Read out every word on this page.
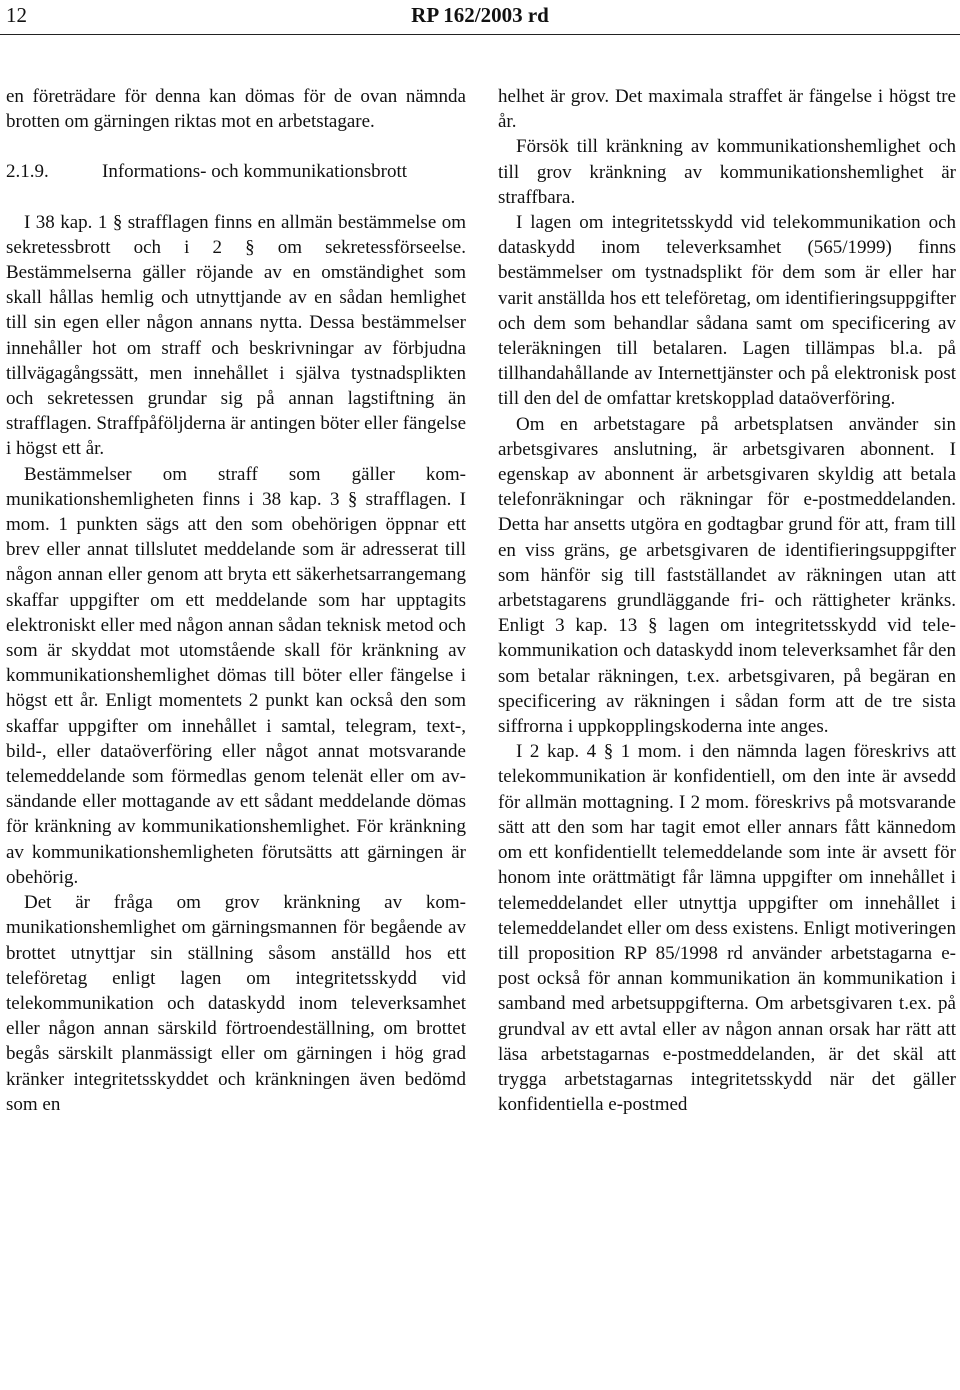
12	RP 162/2003 rd

en företrädare för denna kan dömas för de ovan nämnda brotten om gärningen riktas mot en arbetstagare.

2.1.9.	Informations- och kommunikationsbrott

I 38 kap. 1 § strafflagen finns en allmän bestämmelse om sekretessbrott och i 2 § om sekretessförseelse. Bestämmelserna gäller röjande av en omständighet som skall hållas hemlig och utnyttjande av en sådan hemlighet till sin egen eller någon annans nytta. Dessa bestämmelser innehåller hot om straff och beskrivningar av förbjudna tillvägagångssätt, men innehållet i själva tystnadsplikten och sekretessen grundar sig på annan lagstiftning än strafflagen. Straffpåföljderna är antingen böter eller fängelse i högst ett år.

Bestämmelser om straff som gäller kommunikationshemligheten finns i 38 kap. 3 § strafflagen. I mom. 1 punkten sägs att den som obehörigen öppnar ett brev eller annat tillslutet meddelande som är adresserat till någon annan eller genom att bryta ett säkerhetsarrangemang skaffar uppgifter om ett meddelande som har upptagits elektroniskt eller med någon annan sådan teknisk metod och som är skyddat mot utomstående skall för kränkning av kommunikationshemlighet dömas till böter eller fängelse i högst ett år. Enligt momentets 2 punkt kan också den som skaffar uppgifter om innehållet i samtal, telegram, text-, bild-, eller dataöverföring eller något annat motsvarande telemeddelande som förmedlas genom telenät eller om avsändande eller mottagande av ett sådant meddelande dömas för kränkning av kommunikationshemlighet. För kränkning av kommunikationshemligheten förutsätts att gärningen är obehörig.

Det är fråga om grov kränkning av kommunikationshemlighet om gärningsmannen för begående av brottet utnyttjar sin ställning såsom anställd hos ett teleföretag enligt lagen om integritetsskydd vid telekommunikation och dataskydd inom televerksamhet eller någon annan särskild förtroendeställning, om brottet begås särskilt planmässigt eller om gärningen i hög grad kränker integritetsskyddet och kränkningen även bedömd som en

helhet är grov. Det maximala straffet är fängelse i högst tre år.

Försök till kränkning av kommunikationshemlighet och till grov kränkning av kommunikationshemlighet är straffbara.

I lagen om integritetsskydd vid telekommunikation och dataskydd inom televerksamhet (565/1999) finns bestämmelser om tystnadsplikt för dem som är eller har varit anställda hos ett teleföretag, om identifieringsuppgifter och dem som behandlar sådana samt om specificering av teleräkningen till betalaren. Lagen tillämpas bl.a. på tillhandahållande av Internettjänster och på elektronisk post till den del de omfattar kretskopplad dataöverföring.

Om en arbetstagare på arbetsplatsen använder sin arbetsgivares anslutning, är arbetsgivaren abonnent. I egenskap av abonnent är arbetsgivaren skyldig att betala telefonräkningar och räkningar för e-postmeddelanden. Detta har ansetts utgöra en godtagbar grund för att, fram till en viss gräns, ge arbetsgivaren de identifieringsuppgifter som hänför sig till fastställandet av räkningen utan att arbetstagarens grundläggande fri- och rättigheter kränks. Enligt 3 kap. 13 § lagen om integritetsskydd vid telekommunikation och dataskydd inom televerksamhet får den som betalar räkningen, t.ex. arbetsgivaren, på begäran en specificering av räkningen i sådan form att de tre sista siffrorna i uppkopplingskoderna inte anges.

I 2 kap. 4 § 1 mom. i den nämnda lagen föreskrivs att telekommunikation är konfidentiell, om den inte är avsedd för allmän mottagning. I 2 mom. föreskrivs på motsvarande sätt att den som har tagit emot eller annars fått kännedom om ett konfidentiellt telemeddelande som inte är avsett för honom inte orättmätigt får lämna uppgifter om innehållet i telemeddelandet eller utnyttja uppgifter om innehållet i telemeddelandet eller om dess existens. Enligt motiveringen till proposition RP 85/1998 rd använder arbetstagarna e-post också för annan kommunikation än kommunikation i samband med arbetsuppgifterna. Om arbetsgivaren t.ex. på grundval av ett avtal eller av någon annan orsak har rätt att läsa arbetstagarnas e-postmeddelanden, är det skäl att trygga arbetstagarnas integritetsskydd när det gäller konfidentiella e-postmed
